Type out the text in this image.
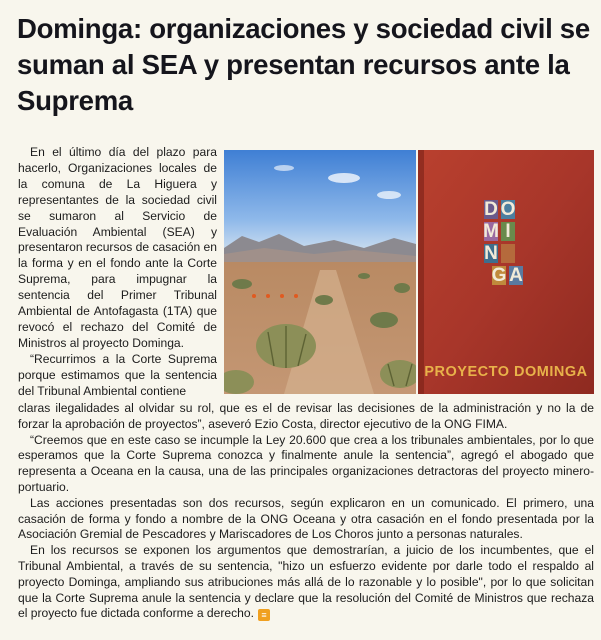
Dominga: organizaciones y sociedad civil se suman al SEA y presentan recursos ante la Suprema

En el último día del plazo para hacerlo, Organizaciones locales de la comuna de La Higuera y representantes de la sociedad civil se sumaron al Servicio de Evaluación Ambiental (SEA) y presentaron recursos de casación en la forma y en el fondo ante la Corte Suprema, para impugnar la sentencia del Primer Tribunal Ambiental de Antofagasta (1TA) que revocó el rechazo del Comité de Ministros al proyecto Dominga.

“Recurrimos a la Corte Suprema porque estimamos que la sentencia del Tribunal Ambiental contiene

D O
M I
N
G A
PROYECTO DOMINGA

claras ilegalidades al olvidar su rol, que es el de revisar las decisiones de la administración y no la de forzar la aprobación de proyectos”, aseveró Ezio Costa, director ejecutivo de la ONG FIMA.

“Creemos que en este caso se incumple la Ley 20.600 que crea a los tribunales ambientales, por lo que esperamos que la Corte Suprema conozca y finalmente anule la sentencia”, agregó el abogado que representa a Oceana en la causa, una de las principales organizaciones detractoras del proyecto minero-portuario.

Las acciones presentadas son dos recursos, según explicaron en un comunicado. El primero, una casación de forma y fondo a nombre de la ONG Oceana y otra casación en el fondo presentada por la Asociación Gremial de Pescadores y Mariscadores de Los Choros junto a personas naturales.

En los recursos se exponen los argumentos que demostrarían, a juicio de los incumbentes, que el Tribunal Ambiental, a través de su sentencia, "hizo un esfuerzo evidente por darle todo el respaldo al proyecto Dominga, ampliando sus atribuciones más allá de lo razonable y lo posible", por lo que solicitan que la Corte Suprema anule la sentencia y declare que la resolución del Comité de Ministros que rechaza el proyecto fue dictada conforme a derecho. ≡
